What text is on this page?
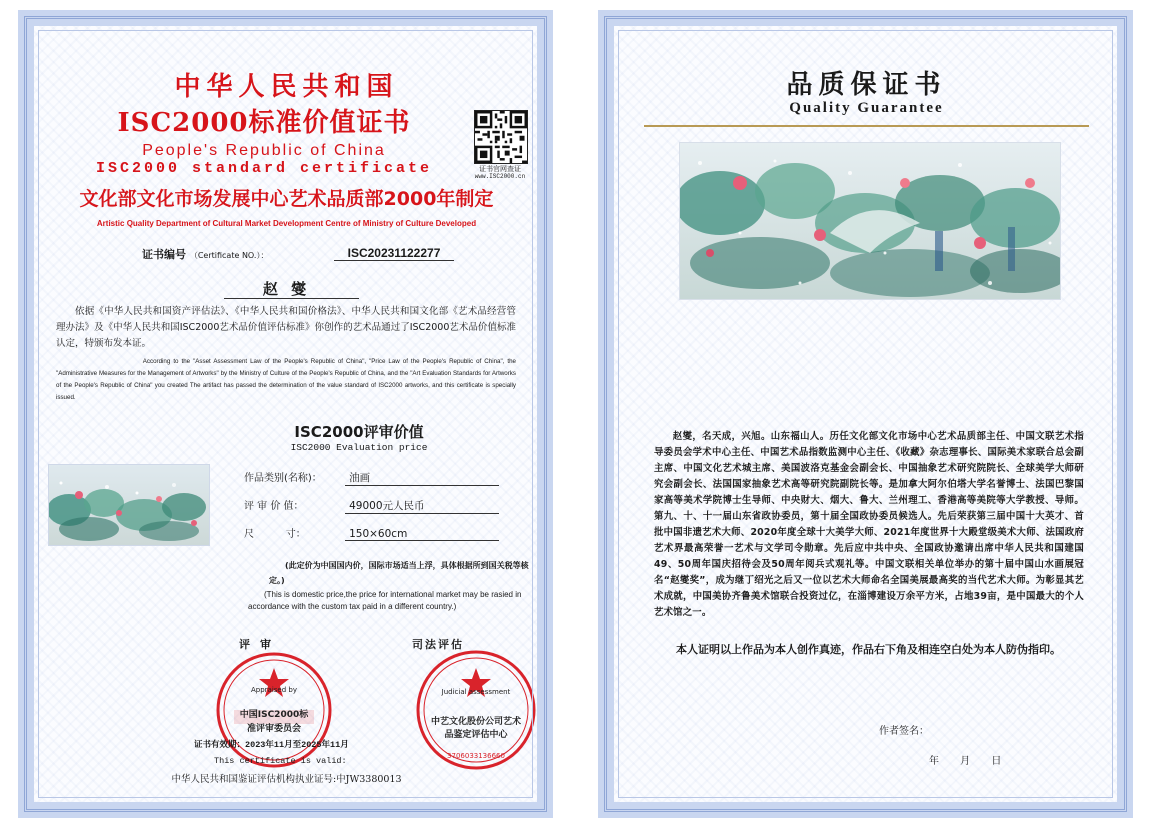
中华人民共和国
ISC2000标准价值证书
People's Republic of China
ISC2000 standard certificate	证书官网查证
www.ISC2000.cn
文化部文化市场发展中心艺术品质部2000年制定
Artistic Quality Department of Cultural Market Development Centre of Ministry of Culture Developed
证书编号 （Certificate NO.）：	ISC20231122277
赵 燮
依据《中华人民共和国资产评估法》、《中华人民共和国价格法》、中华人民共和国文化部《艺术品经营管理办法》及《中华人民共和国ISC2000艺术品价值评估标准》你创作的艺术品通过了ISC2000艺术品价值标准认定，特颁布发本证。
According to the "Asset Assessment Law of the People's Republic of China", "Price Law of the People's Republic of China", the "Administrative Measures for the Management of Artworks" by the Ministry of Culture of the People's Republic of China, and the "Art Evaluation Standards for Artworks of the People's Republic of China" you created The artifact has passed the determination of the value standard of ISC2000 artworks, and this certificate is specially issued.
ISC2000评审价值
ISC2000 Evaluation price
作品类别(名称)：	油画
评 审 价 值：	49000元人民币
尺          寸：	150×60cm
(此定价为中国国内价，国际市场适当上浮，具体根据所到国关税等核定。)
(This is domestic price,the price for international market may be rasied in accordance with the custom tax paid in a different country.)
评审	司法评估
Appraised by
中国ISC2000标准评审委员会
Judicial assessment
中艺文化股份公司艺术品鉴定评估中心
3706033136660
证书有效期：2023年11月至2025年11月
This certificate is valid:
中华人民共和国鉴证评估机构执业证号:中JW3380013
品质保证书
Quality Guarantee
赵燮，名天成，兴旭。山东福山人。历任文化部文化市场中心艺术品质部主任、中国文联艺术指导委员会学术中心主任、中国艺术品指数监测中心主任、《收藏》杂志理事长、国际美术家联合总会副主席、中国文化艺术城主席、美国波洛克基金会副会长、中国抽象艺术研究院院长、全球美学大师研究会副会长、法国国家抽象艺术高等研究院副院长等。是加拿大阿尔伯塔大学名誉博士、法国巴黎国家高等美术学院博士生导师、中央财大、烟大、鲁大、兰州理工、香港高等美院等大学教授、导师。第九、十、十一届山东省政协委员，第十届全国政协委员候选人。先后荣获第三届中国十大英才、首批中国非遗艺术大师、2020年度全球十大美学大师、2021年度世界十大殿堂级美术大师、法国政府艺术界最高荣誉一艺术与文学司令勋章。先后应中共中央、全国政协邀请出席中华人民共和国建国49、50周年国庆招待会及50周年阅兵式观礼等。中国文联相关单位举办的第十届中国山水画展冠名“赵燮奖”，成为继丁绍光之后又一位以艺术大师命名全国美展最高奖的当代艺术大师。为彰显其艺术成就，中国美协齐鲁美术馆联合投资过亿，在淄博建设万余平方米，占地39亩，是中国最大的个人艺术馆之一。
本人证明以上作品为本人创作真迹，作品右下角及相连空白处为本人防伪指印。
作者签名：
年 月 日
